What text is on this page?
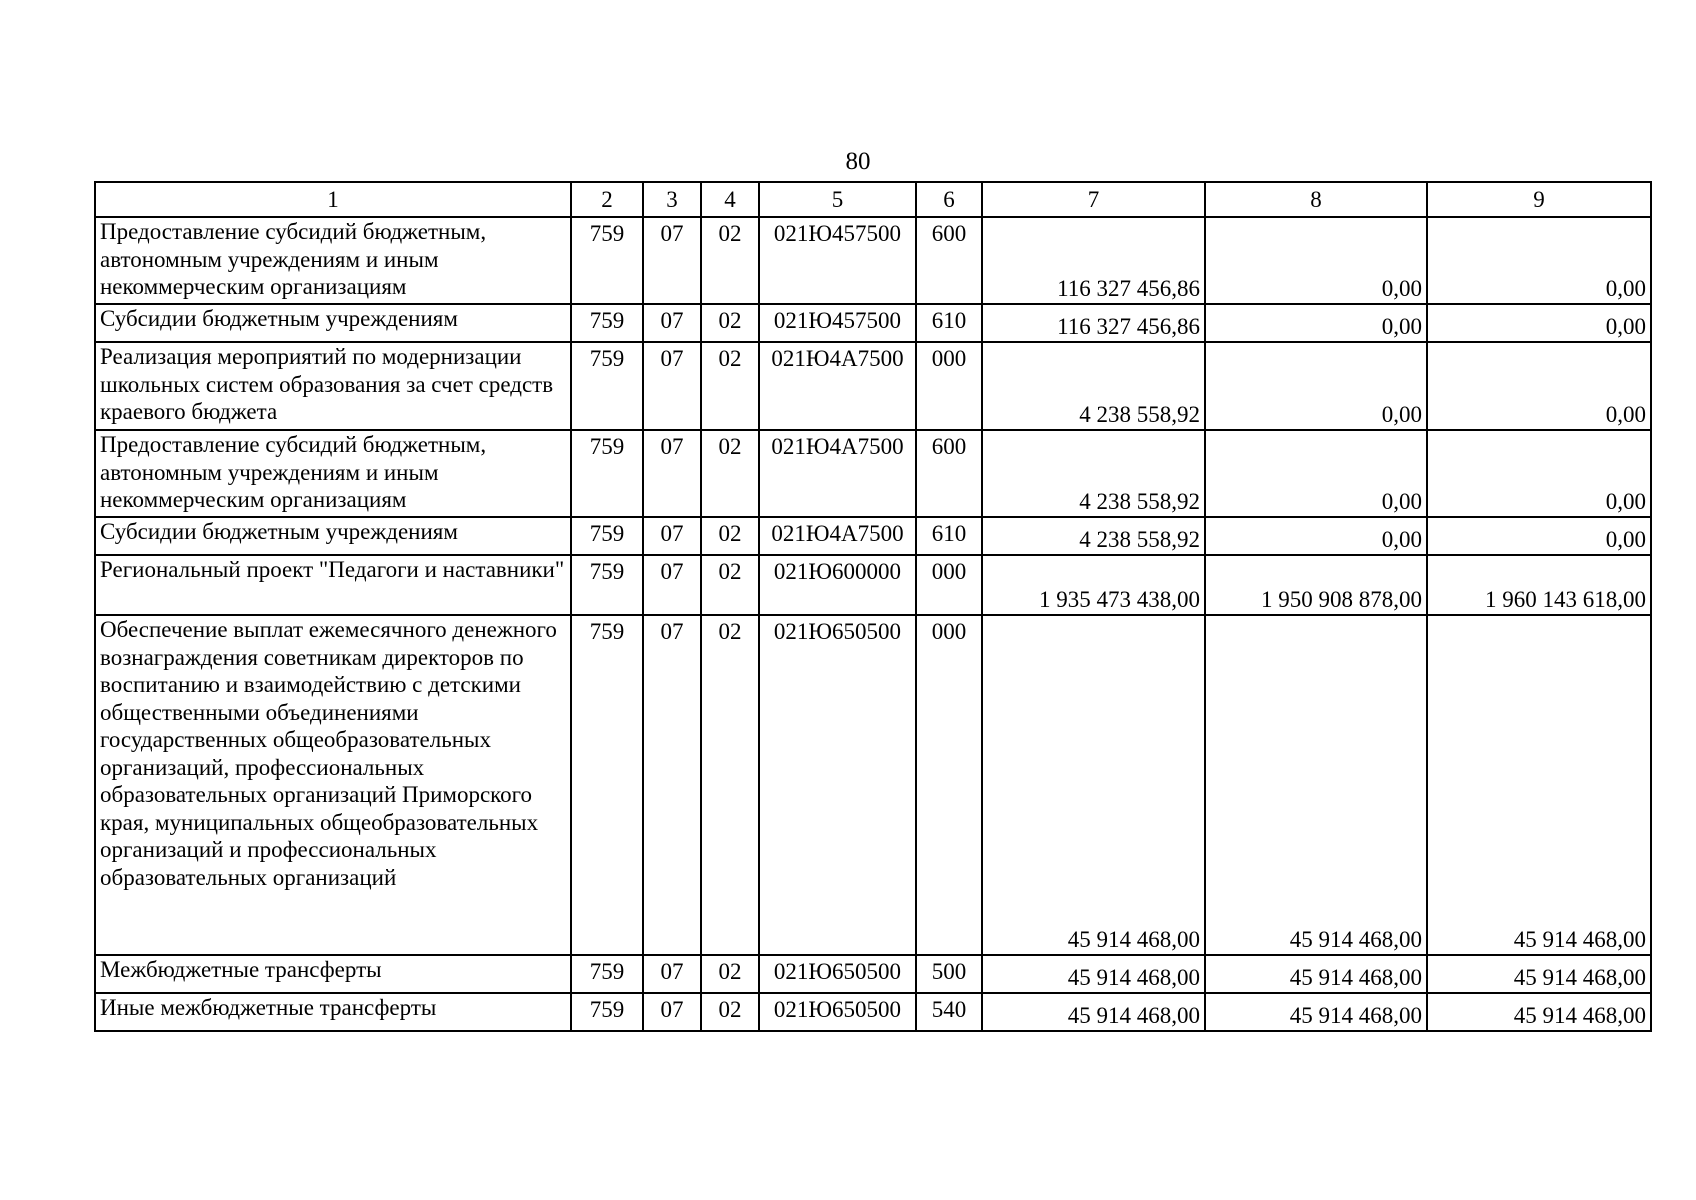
80
1	2	3	4	5	6	7	8	9
Предоставление субсидий бюджетным, автономным учреждениям и иным некоммерческим организациям	759	07	02	021Ю457500	600	116 327 456,86	0,00	0,00
Субсидии бюджетным учреждениям	759	07	02	021Ю457500	610	116 327 456,86	0,00	0,00
Реализация мероприятий по модернизации школьных систем образования за счет средств краевого бюджета	759	07	02	021Ю4А7500	000	4 238 558,92	0,00	0,00
Предоставление субсидий бюджетным, автономным учреждениям и иным некоммерческим организациям	759	07	02	021Ю4А7500	600	4 238 558,92	0,00	0,00
Субсидии бюджетным учреждениям	759	07	02	021Ю4А7500	610	4 238 558,92	0,00	0,00
Региональный проект "Педагоги и наставники"	759	07	02	021Ю600000	000	1 935 473 438,00	1 950 908 878,00	1 960 143 618,00
Обеспечение выплат ежемесячного денежного вознаграждения советникам директоров по воспитанию и взаимодействию с детскими общественными объединениями государственных общеобразовательных организаций, профессиональных образовательных организаций Приморского края, муниципальных общеобразовательных организаций и профессиональных образовательных организаций	759	07	02	021Ю650500	000	45 914 468,00	45 914 468,00	45 914 468,00
Межбюджетные трансферты	759	07	02	021Ю650500	500	45 914 468,00	45 914 468,00	45 914 468,00
Иные межбюджетные трансферты	759	07	02	021Ю650500	540	45 914 468,00	45 914 468,00	45 914 468,00
